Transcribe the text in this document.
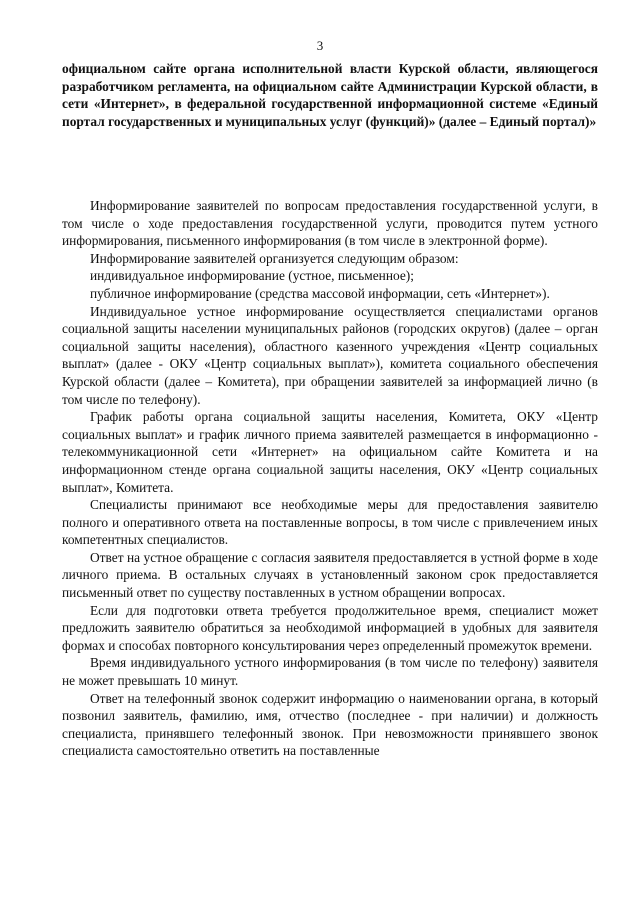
3

официальном сайте органа исполнительной власти Курской области, являющегося разработчиком регламента, на официальном сайте Администрации Курской области, в сети «Интернет», в федеральной государственной информационной системе «Единый портал государственных и муниципальных услуг (функций)» (далее – Единый портал)»

Информирование заявителей по вопросам предоставления государственной услуги, в том числе о ходе предоставления государственной услуги, проводится путем устного информирования, письменного информирования (в том числе в электронной форме).

Информирование заявителей организуется следующим образом:

индивидуальное информирование (устное, письменное);

публичное информирование (средства массовой информации, сеть «Интернет»).

Индивидуальное устное информирование осуществляется специалистами органов социальной защиты населении муниципальных районов (городских округов) (далее – орган социальной защиты населения), областного казенного учреждения «Центр социальных выплат» (далее - ОКУ «Центр социальных выплат»), комитета социального обеспечения Курской области (далее – Комитета), при обращении заявителей за информацией лично (в том числе по телефону).

График работы органа социальной защиты населения, Комитета, ОКУ «Центр социальных выплат» и график личного приема заявителей размещается в информационно - телекоммуникационной сети «Интернет» на официальном сайте Комитета и на информационном стенде органа социальной защиты населения, ОКУ «Центр социальных выплат», Комитета.

Специалисты принимают все необходимые меры для предоставления заявителю полного и оперативного ответа на поставленные вопросы, в том числе с привлечением иных компетентных специалистов.

Ответ на устное обращение с согласия заявителя предоставляется в устной форме в ходе личного приема. В остальных случаях в установленный законом срок предоставляется письменный ответ по существу поставленных в устном обращении вопросах.

Если для подготовки ответа требуется продолжительное время, специалист может предложить заявителю обратиться за необходимой информацией в удобных для заявителя формах и способах повторного консультирования через определенный промежуток времени.

Время индивидуального устного информирования (в том числе по телефону) заявителя не может превышать 10 минут.

Ответ на телефонный звонок содержит информацию о наименовании органа, в который позвонил заявитель, фамилию, имя, отчество (последнее - при наличии) и должность специалиста, принявшего телефонный звонок. При невозможности принявшего звонок специалиста самостоятельно ответить на поставленные
